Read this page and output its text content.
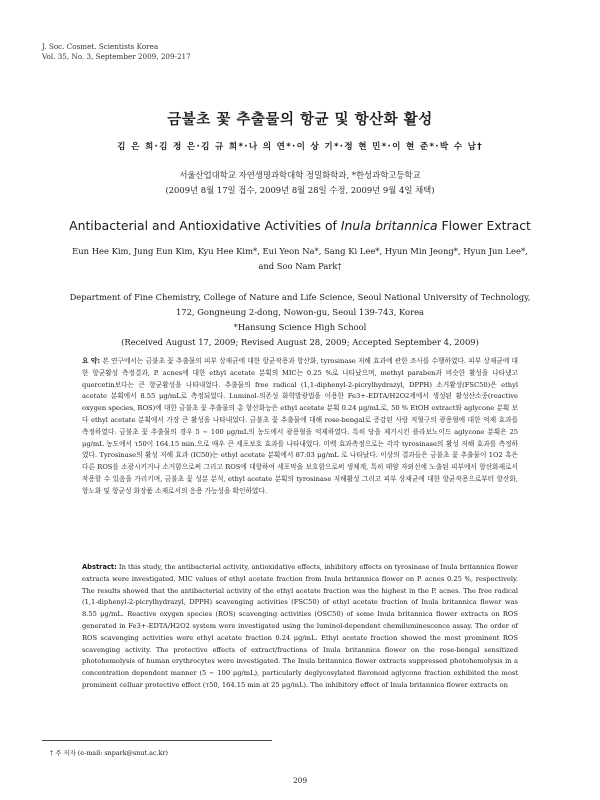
J. Soc. Cosmet. Scientists Korea
Vol. 35, No. 3, September 2009, 209-217
금불초 꽃 추출물의 항균 및 항산화 활성
김 은 희·김 정 은·김 규 희*·나 의 연*·이 상 기*·정 현 민*·이 현 준*·박 수 남†
서울산업대학교 자연생명과학대학 정밀화학과, *한성과학고등학교
(2009년 8월 17일 접수, 2009년 8월 28일 수정, 2009년 9월 4일 채택)
Antibacterial and Antioxidative Activities of Inula britannica Flower Extract
Eun Hee Kim, Jung Eun Kim, Kyu Hee Kim*, Eui Yeon Na*, Sang Ki Lee*, Hyun Min Jeong*, Hyun Jun Lee*,
and Soo Nam Park†
Department of Fine Chemistry, College of Nature and Life Science, Seoul National University of Technology,
172, Gongneung 2-dong, Nowon-gu, Seoul 139-743, Korea
*Hansung Science High School
(Received August 17, 2009; Revised August 28, 2009; Accepted September 4, 2009)
요 약: 본 연구에서는 금불초 꽃 추출물의 피부 상재균에 대한 항균작용과 항산화, tyrosinase 저해 효과에 관한 조사를 수행하였다. 피부 상재균에 대한 항균활성 측정결과, P. acnes에 대한 ethyl acetate 분획의 MIC는 0.25 %로 나타났으며, methyl paraben과 비슷한 활성을 나타냈고 quercetin보다는 큰 항균활성을 나타내었다. 추출물의 free radical (1,1-diphenyl-2-picrylhydrazyl, DPPH) 소거활성(FSC50)은 ethyl acetate 분획에서 8.55 μg/mL로 측정되었다. Luminol-의존성 화학발광법을 이용한 Fe3+-EDTA/H2O2계에서 생성된 활성산소종(reactive oxygen species, ROS)에 대한 금불초 꽃 추출물의 총 항산화능은 ethyl acetate 분획 0.24 μg/mL로, 50 % EtOH extract와 aglycone 분획 보다 ethyl acetate 분획에서 가장 큰 활성을 나타내었다. 금불초 꽃 추출물에 대해 rose-bengal로 증감된 사람 적혈구의 광용혈에 대한 억제 효과를 측정하였다. 금불초 꽃 추출물의 경우 5 ∼ 100 μg/mL의 농도에서 광용혈을 억제하였다. 특히 당을 제거시킨 플라보노이드 aglycone 분획은 25 μg/mL 농도에서 τ50이 164.15 min.으로 매우 큰 세포보호 효과를 나타내었다. 미백 효과측정으로는 각각 tyrosinase의 활성 저해 효과를 측정하였다. Tyrosinase의 활성 저해 효과 (IC50)는 ethyl acetate 분획에서 87.03 μg/mL 로 나타났다. 이상의 결과들은 금불초 꽃 추출물이 1O2 혹은 다른 ROS를 소광시키거나 소거함으로써 그리고 ROS에 대항하여 세포막을 보호함으로써 생체계, 특히 태양 자외선에 노출된 피부에서 항산화제로서 작용할 수 있음을 가리키며, 금불초 꽃 성분 분석, ethyl acetate 분획의 tyrosinase 저해활성 그리고 피부 상재균에 대한 항균작용으로부터 항산화, 항노화 및 항균성 화장품 소재로서의 응용 가능성을 확인하였다.
Abstract: In this study, the antibacterial activity, antioxidative effects, inhibitory effects on tyrosinase of Inula britannica flower extracts were investigated. MIC values of ethyl acetate fraction from Inula britannica flower on P. acnes 0.25 %, respectively. The results showed that the antibacterial activity of the ethyl acetate fraction was the highest in the P. acnes. The free radical (1,1-diphenyl-2-picrylhydrazyl, DPPH) scavenging activities (FSC50) of ethyl acetate fraction of Inula britannica flower was 8.55 μg/mL. Reactive oxygen species (ROS) scavenging activities (OSC50) of some Inula britannica flower extracts on ROS generated in Fe3+-EDTA/H2O2 system were investigated using the luminol-dependent chemiluminescence assay. The order of ROS scavenging activities were ethyl acetate fraction 0.24 μg/mL. Ethyl acetate fraction showed the most prominent ROS scavenging activity. The protective effects of extract/fractions of Inula britannica flower on the rose-bengal sensitized photohemolysis of human erythrocytes were investigated. The Inula britannica flower extracts suppressed photohemolysis in a concentration dependent manner (5 ∼ 100 μg/mL), particularly deglycosylated flavonoid aglycone fraction exhibited the most prominent celluar protective effect (τ50, 164.15 min at 25 μg/mL). The inhibitory effect of Inula britannica flower extracts on
† 주 저자 (e-mail: snpark@snut.ac.kr)
209
